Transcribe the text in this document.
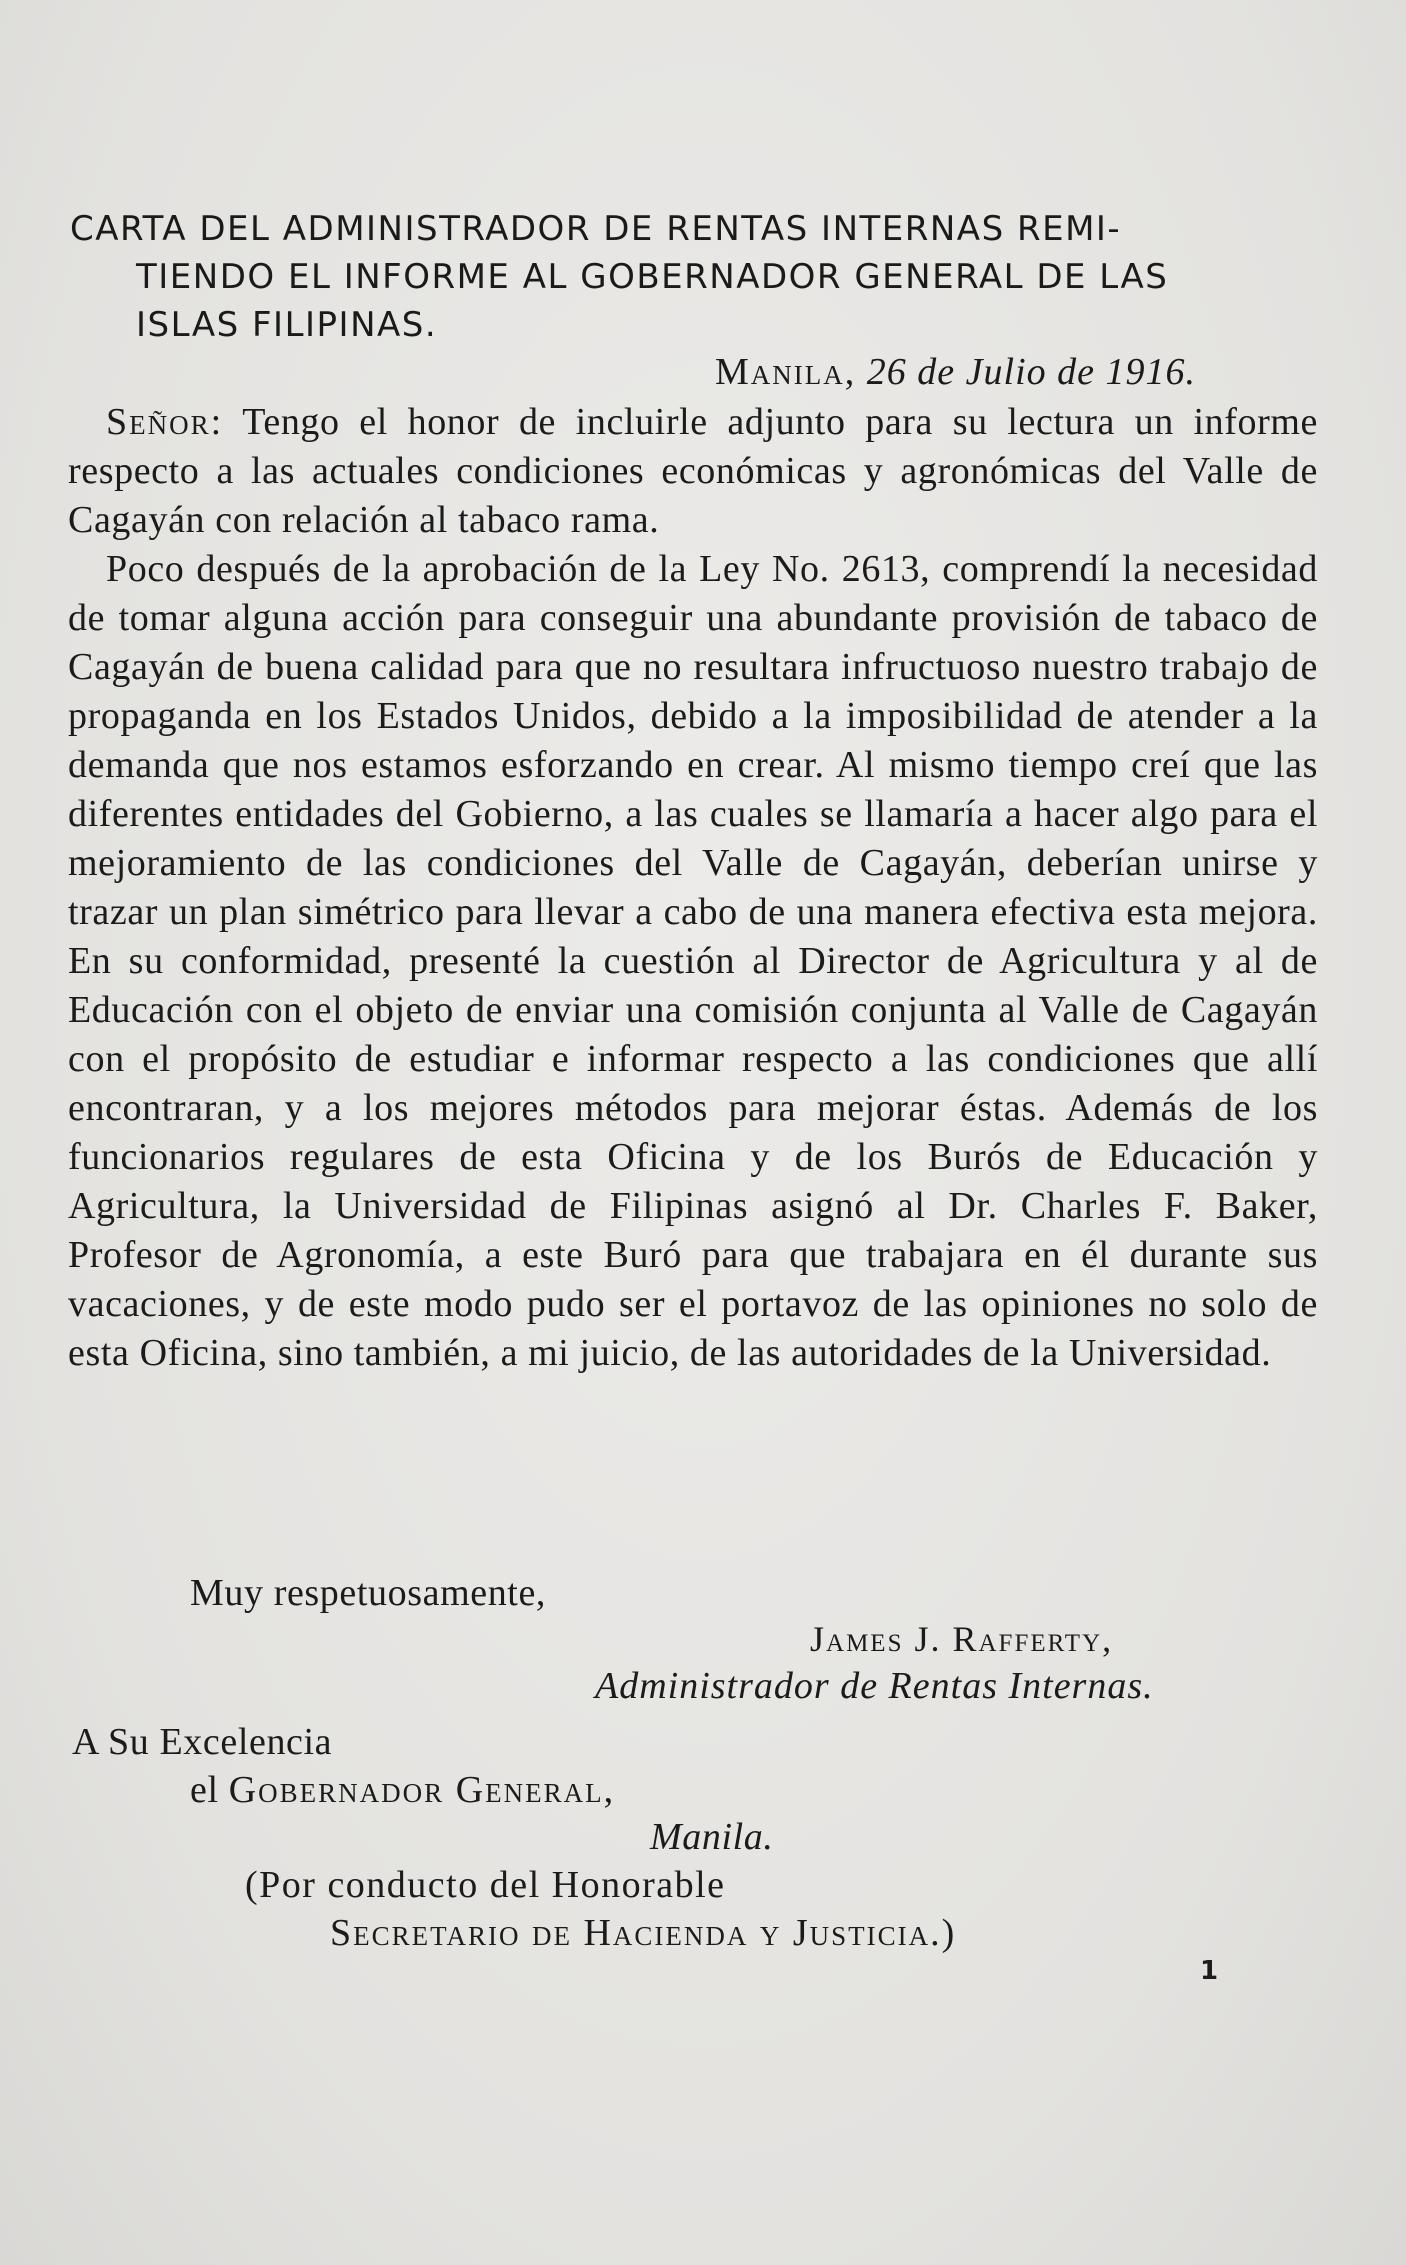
CARTA DEL ADMINISTRADOR DE RENTAS INTERNAS REMI-
TIENDO EL INFORME AL GOBERNADOR GENERAL DE LAS
ISLAS FILIPINAS.
Manila, 26 de Julio de 1916.

Señor: Tengo el honor de incluirle adjunto para su lectura un informe respecto a las actuales condiciones económicas y agronómicas del Valle de Cagayán con relación al tabaco rama.

Poco después de la aprobación de la Ley No. 2613, comprendí la necesidad de tomar alguna acción para conseguir una abundante provisión de tabaco de Cagayán de buena calidad para que no resultara infructuoso nuestro trabajo de propaganda en los Estados Unidos, debido a la imposibilidad de atender a la demanda que nos estamos esforzando en crear. Al mismo tiempo creí que las diferentes entidades del Gobierno, a las cuales se llamaría a hacer algo para el mejoramiento de las condiciones del Valle de Cagayán, deberían unirse y trazar un plan simétrico para llevar a cabo de una manera efectiva esta mejora. En su conformidad, presenté la cuestión al Director de Agricultura y al de Educación con el objeto de enviar una comisión conjunta al Valle de Cagayán con el propósito de estudiar e informar respecto a las condiciones que allí encontraran, y a los mejores métodos para mejorar éstas. Además de los funcionarios regulares de esta Oficina y de los Burós de Educación y Agricultura, la Universidad de Filipinas asignó al Dr. Charles F. Baker, Profesor de Agronomía, a este Buró para que trabajara en él durante sus vacaciones, y de este modo pudo ser el portavoz de las opiniones no solo de esta Oficina, sino también, a mi juicio, de las autoridades de la Universidad.

Muy respetuosamente,
James J. Rafferty,
Administrador de Rentas Internas.
A Su Excelencia
el Gobernador General,
Manila.
(Por conducto del Honorable
Secretario de Hacienda y Justicia.)
1
